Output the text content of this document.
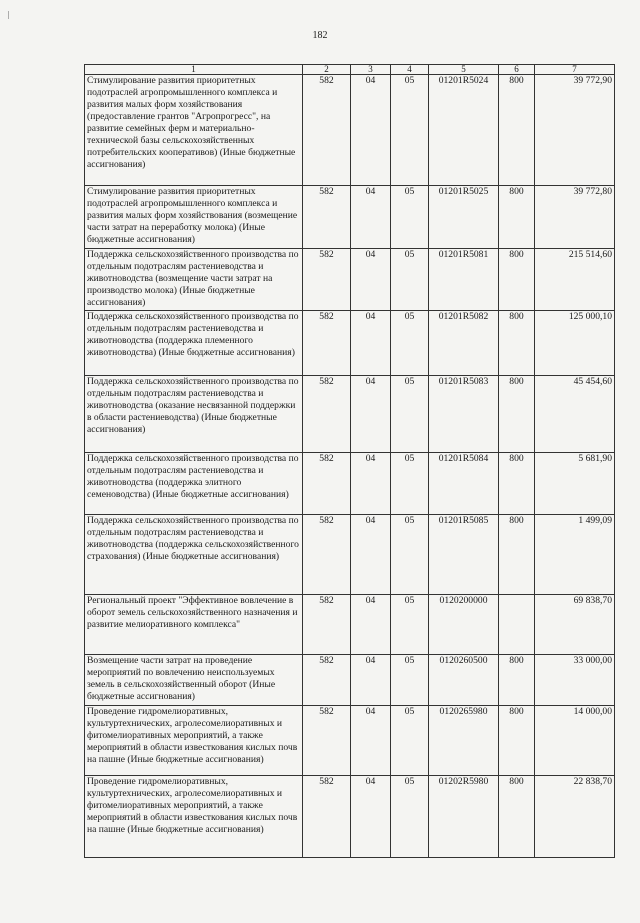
182
|
1	2	3	4	5	6	7
Стимулирование развития приоритетных подотраслей агропромышленного комплекса и развития малых форм хозяйствования (предоставление грантов "Агропрогресс", на развитие семейных ферм и материально-технической базы сельскохозяйственных потребительских кооперативов) (Иные бюджетные ассигнования)	582	04	05	01201R5024	800	39 772,90
Стимулирование развития приоритетных подотраслей агропромышленного комплекса и развития малых форм хозяйствования (возмещение части затрат на переработку молока) (Иные бюджетные ассигнования)	582	04	05	01201R5025	800	39 772,80
Поддержка сельскохозяйственного производства по отдельным подотраслям растениеводства и животноводства (возмещение части затрат на производство молока) (Иные бюджетные ассигнования)	582	04	05	01201R5081	800	215 514,60
Поддержка сельскохозяйственного производства по отдельным подотраслям растениеводства и животноводства (поддержка племенного животноводства) (Иные бюджетные ассигнования)	582	04	05	01201R5082	800	125 000,10
Поддержка сельскохозяйственного производства по отдельным подотраслям растениеводства и животноводства (оказание несвязанной поддержки в области растениеводства) (Иные бюджетные ассигнования)	582	04	05	01201R5083	800	45 454,60
Поддержка сельскохозяйственного производства по отдельным подотраслям растениеводства и животноводства (поддержка элитного семеноводства) (Иные бюджетные ассигнования)	582	04	05	01201R5084	800	5 681,90
Поддержка сельскохозяйственного производства по отдельным подотраслям растениеводства и животноводства (поддержка сельскохозяйственного страхования) (Иные бюджетные ассигнования)	582	04	05	01201R5085	800	1 499,09
Региональный проект "Эффективное вовлечение в оборот земель сельскохозяйственного назначения и развитие мелиоративного комплекса"	582	04	05	0120200000		69 838,70
Возмещение части затрат на проведение мероприятий по вовлечению неиспользуемых земель в сельскохозяйственный оборот (Иные бюджетные ассигнования)	582	04	05	0120260500	800	33 000,00
Проведение гидромелиоративных, культуртехнических, агролесомелиоративных и фитомелиоративных мероприятий, а также мероприятий в области известкования кислых почв на пашне (Иные бюджетные ассигнования)	582	04	05	0120265980	800	14 000,00
Проведение гидромелиоративных, культуртехнических, агролесомелиоративных и фитомелиоративных мероприятий, а также мероприятий в области известкования кислых почв на пашне (Иные бюджетные ассигнования)	582	04	05	01202R5980	800	22 838,70
